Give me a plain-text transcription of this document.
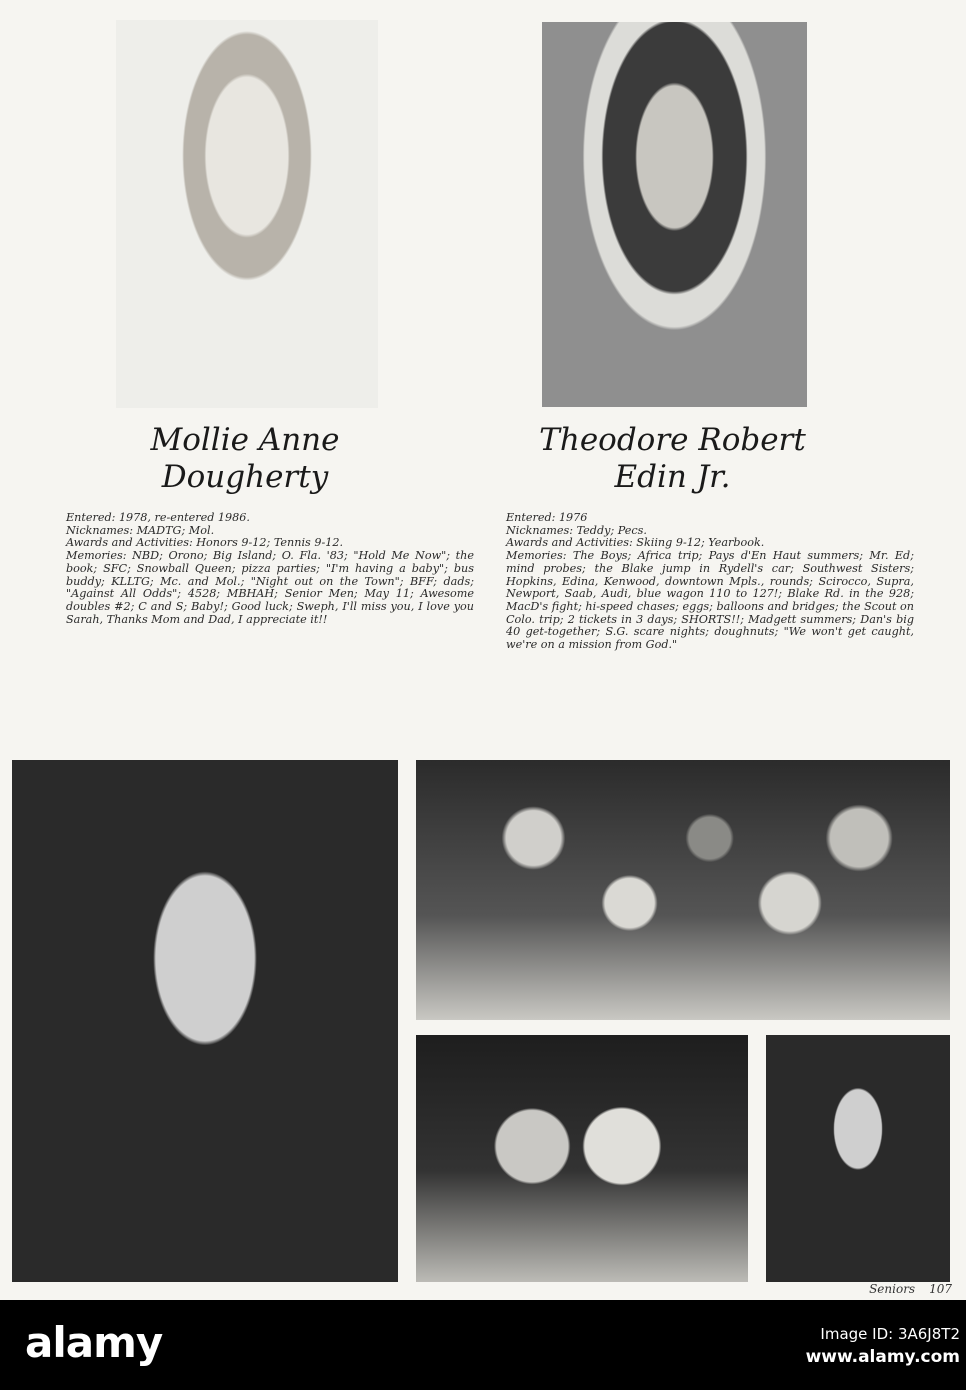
Mollie Anne
Dougherty
Theodore Robert
Edin Jr.
Entered: 1978, re-entered 1986.
Nicknames: MADTG; Mol.
Awards and Activities: Honors 9-12; Tennis 9-12.
Memories: NBD; Orono; Big Island; O. Fla. '83; "Hold Me Now"; the book; SFC; Snowball Queen; pizza parties; "I'm having a baby"; bus buddy; KLLTG; Mc. and Mol.; "Night out on the Town"; BFF; dads; "Against All Odds"; 4528; MBHAH; Senior Men; May 11; Awesome doubles #2; C and S; Baby!; Good luck; Sweph, I'll miss you, I love you Sarah, Thanks Mom and Dad, I appreciate it!!
Entered: 1976
Nicknames: Teddy; Pecs.
Awards and Activities: Skiing 9-12; Yearbook.
Memories: The Boys; Africa trip; Pays d'En Haut summers; Mr. Ed; mind probes; the Blake jump in Rydell's car; Southwest Sisters; Hopkins, Edina, Kenwood, downtown Mpls., rounds; Scirocco, Supra, Newport, Saab, Audi, blue wagon 110 to 127!; Blake Rd. in the 928; MacD's fight; hi-speed chases; eggs; balloons and bridges; the Scout on Colo. trip; 2 tickets in 3 days; SHORTS!!; Madgett summers; Dan's big 40 get-together; S.G. scare nights; doughnuts; "We won't get caught, we're on a mission from God."
Seniors 107
alamy	Image ID: 3A6J8T2
www.alamy.com
